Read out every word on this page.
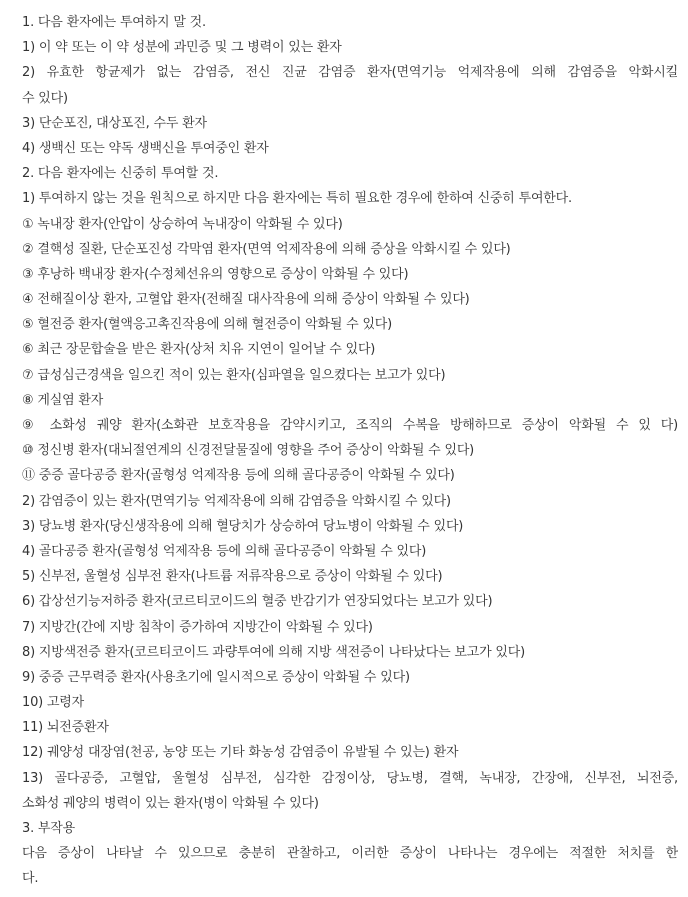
1. 다음 환자에는 투여하지 말 것.
1) 이 약 또는 이 약 성분에 과민증 및 그 병력이 있는 환자
2) 유효한 항균제가 없는 감염증, 전신 진균 감염증 환자(면역기능 억제작용에 의해 감염증을 악화시킬
수 있다)
3) 단순포진, 대상포진, 수두 환자
4) 생백신 또는 약독 생백신을 투여중인 환자
2. 다음 환자에는 신중히 투여할 것.
1) 투여하지 않는 것을 원칙으로 하지만 다음 환자에는 특히 필요한 경우에 한하여 신중히 투여한다.
① 녹내장 환자(안압이 상승하여 녹내장이 악화될 수 있다)
② 결핵성 질환, 단순포진성 각막염 환자(면역 억제작용에 의해 증상을 악화시킬 수 있다)
③ 후낭하 백내장 환자(수정체선유의 영향으로 증상이 악화될 수 있다)
④ 전해질이상 환자, 고혈압 환자(전해질 대사작용에 의해 증상이 악화될 수 있다)
⑤ 혈전증 환자(혈액응고촉진작용에 의해 혈전증이 악화될 수 있다)
⑥ 최근 장문합술을 받은 환자(상처 치유 지연이 일어날 수 있다)
⑦ 급성심근경색을 일으킨 적이 있는 환자(심파열을 일으켰다는 보고가 있다)
⑧ 게실염 환자
⑨ 소화성 궤양 환자(소화관 보호작용을 감약시키고, 조직의 수복을 방해하므로 증상이 악화될 수 있 다)
⑩ 정신병 환자(대뇌절연계의 신경전달물질에 영향을 주어 증상이 악화될 수 있다)
⑪ 중증 골다공증 환자(골형성 억제작용 등에 의해 골다공증이 악화될 수 있다)
2) 감염증이 있는 환자(면역기능 억제작용에 의해 감염증을 악화시킬 수 있다)
3) 당뇨병 환자(당신생작용에 의해 혈당치가 상승하여 당뇨병이 악화될 수 있다)
4) 골다공증 환자(골형성 억제작용 등에 의해 골다공증이 악화될 수 있다)
5) 신부전, 울혈성 심부전 환자(나트륨 저류작용으로 증상이 악화될 수 있다)
6) 갑상선기능저하증 환자(코르티코이드의 혈중 반감기가 연장되었다는 보고가 있다)
7) 지방간(간에 지방 침착이 증가하여 지방간이 악화될 수 있다)
8) 지방색전증 환자(코르티코이드 과량투여에 의해 지방 색전증이 나타났다는 보고가 있다)
9) 중증 근무력증 환자(사용초기에 일시적으로 증상이 악화될 수 있다)
10) 고령자
11) 뇌전증환자
12) 궤양성 대장염(천공, 농양 또는 기타 화농성 감염증이 유발될 수 있는) 환자
13) 골다공증, 고혈압, 울혈성 심부전, 심각한 감정이상, 당뇨병, 결핵, 녹내장, 간장애, 신부전, 뇌전증,
소화성 궤양의 병력이 있는 환자(병이 악화될 수 있다)
3. 부작용
다음 증상이 나타날 수 있으므로 충분히 관찰하고, 이러한 증상이 나타나는 경우에는 적절한 처치를 한
다.
